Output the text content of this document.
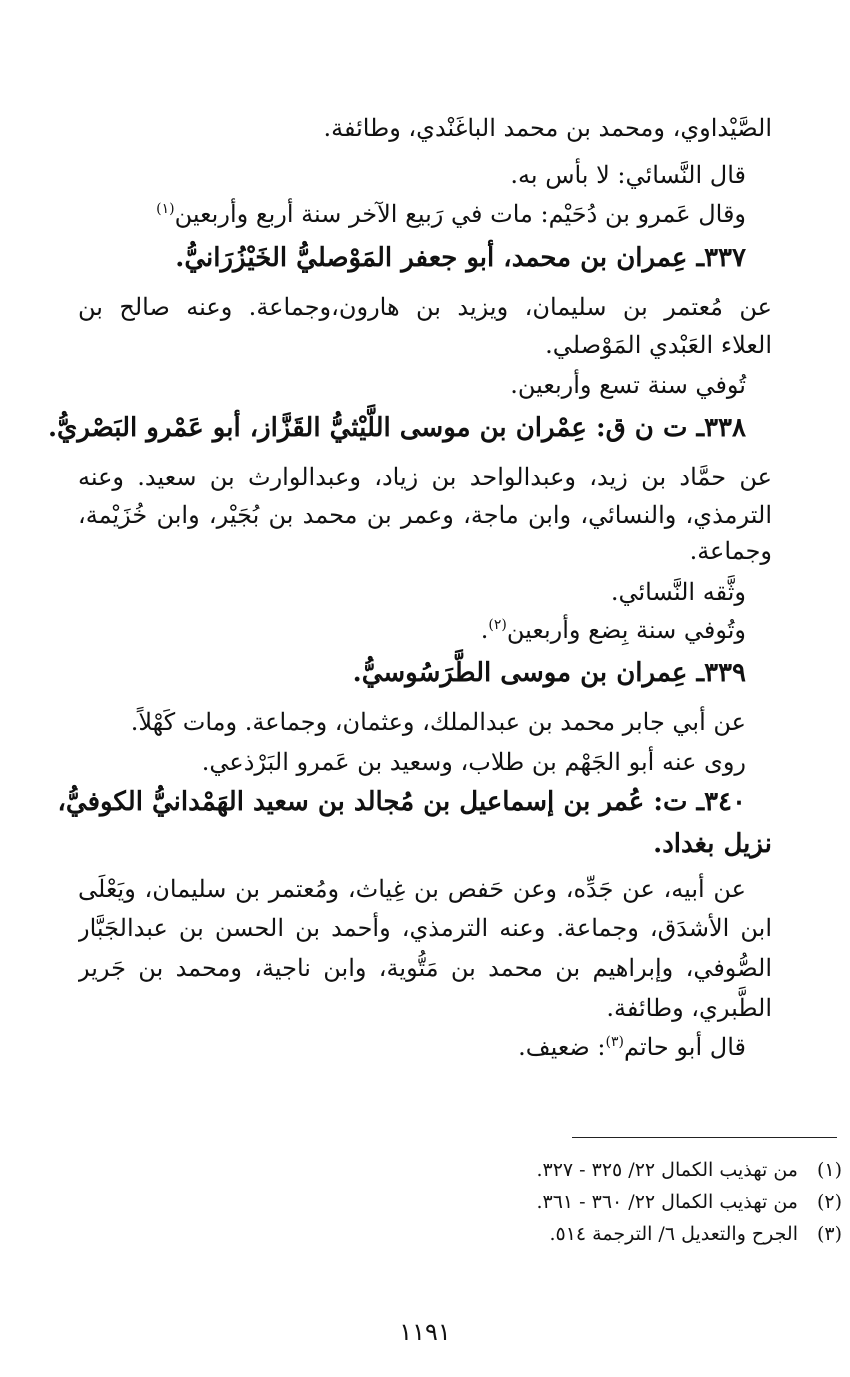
الصَّيْداوي، ومحمد بن محمد الباغَنْدي، وطائفة.
قال النَّسائي: لا بأس به.
وقال عَمرو بن دُحَيْم: مات في رَبيع الآخر سنة أربع وأربعين$^{(١)}$
٣٣٧ـ عِمران بن محمد، أبو جعفر المَوْصليُّ الخَيْزُرَانيُّ.
عن مُعتمر بن سليمان، ويزيد بن هارون،وجماعة. وعنه صالح بن
العلاء العَبْدي المَوْصلي.
تُوفي سنة تسع وأربعين.
٣٣٨ـ ت ن ق: عِمْران بن موسى اللَّيْثيُّ القَزَّاز، أبو عَمْرو البَصْريُّ.
عن حمَّاد بن زيد، وعبدالواحد بن زياد، وعبدالوارث بن سعيد. وعنه
الترمذي، والنسائي، وابن ماجة، وعمر بن محمد بن بُجَيْر، وابن خُزَيْمة،
وجماعة.
وثَّقه النَّسائي.
وتُوفي سنة بِضع وأربعين$^{(٢)}$.
٣٣٩ـ عِمران بن موسى الطَّرَسُوسيُّ.
عن أبي جابر محمد بن عبدالملك، وعثمان، وجماعة. ومات كَهْلاً.
روى عنه أبو الجَهْم بن طلاب، وسعيد بن عَمرو البَرْذعي.
٣٤٠ـ ت: عُمر بن إسماعيل بن مُجالد بن سعيد الهَمْدانيُّ الكوفيُّ،
نزيل بغداد.
عن أبيه، عن جَدِّه، وعن حَفص بن غِياث، ومُعتمر بن سليمان، ويَعْلَى
ابن الأشدَق، وجماعة. وعنه الترمذي، وأحمد بن الحسن بن عبدالجَبَّار
الصُّوفي، وإبراهيم بن محمد بن مَتُّوية، وابن ناجية، ومحمد بن جَرير
الطَّبري، وطائفة.
قال أبو حاتم$^{(٣)}$: ضعيف.
(١)من تهذيب الكمال ٢٢/ ٣٢٥ - ٣٢٧.
(٢)من تهذيب الكمال ٢٢/ ٣٦٠ - ٣٦١.
(٣)الجرح والتعديل ٦/ الترجمة ٥١٤.
١١٩١
